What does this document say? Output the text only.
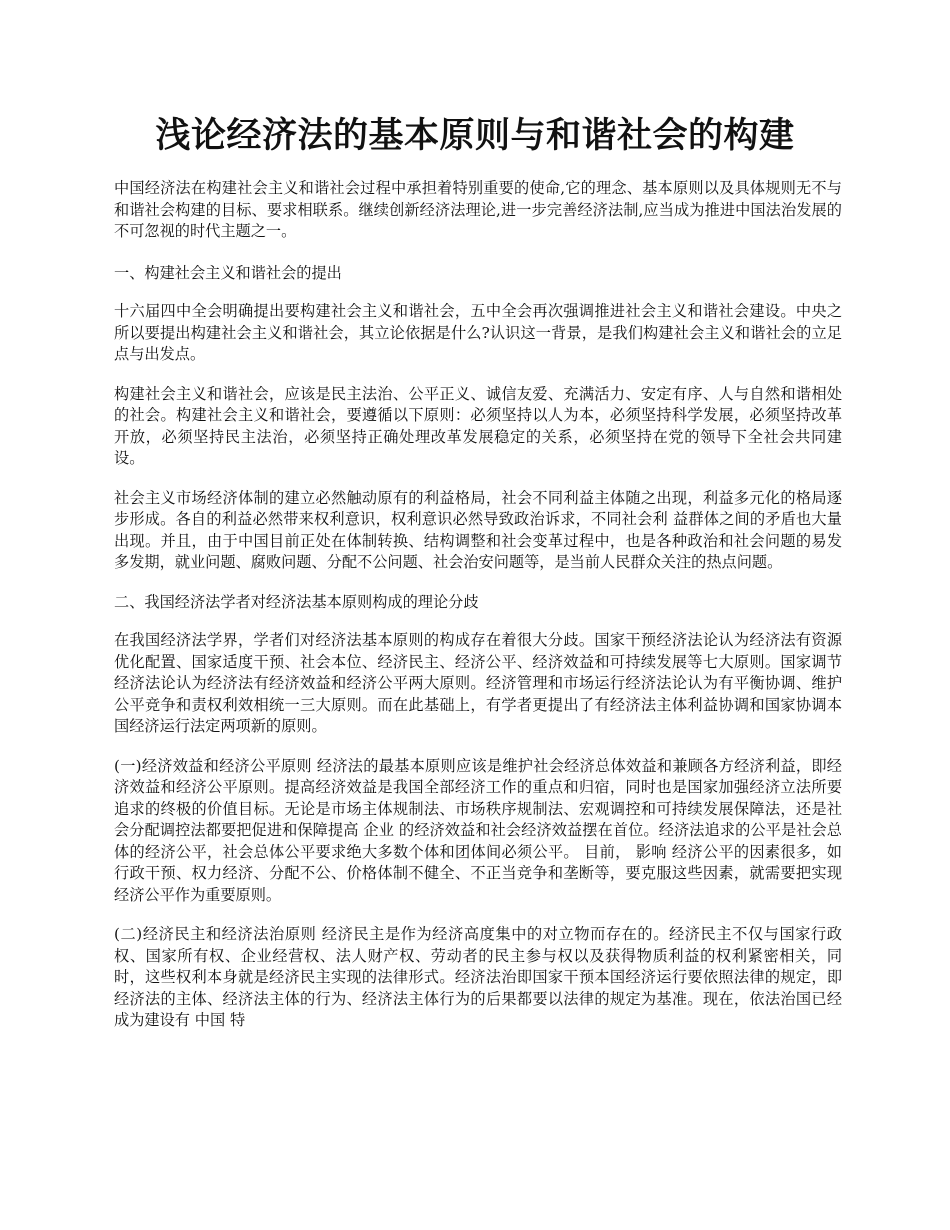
浅论经济法的基本原则与和谐社会的构建

中国经济法在构建社会主义和谐社会过程中承担着特别重要的使命,它的理念、基本原则以及具体规则无不与和谐社会构建的目标、要求相联系。继续创新经济法理论,进一步完善经济法制,应当成为推进中国法治发展的不可忽视的时代主题之一。

一、构建社会主义和谐社会的提出

十六届四中全会明确提出要构建社会主义和谐社会，五中全会再次强调推进社会主义和谐社会建设。中央之所以要提出构建社会主义和谐社会，其立论依据是什么?认识这一背景，是我们构建社会主义和谐社会的立足点与出发点。

构建社会主义和谐社会，应该是民主法治、公平正义、诚信友爱、充满活力、安定有序、人与自然和谐相处的社会。构建社会主义和谐社会，要遵循以下原则：必须坚持以人为本，必须坚持科学发展，必须坚持改革开放，必须坚持民主法治，必须坚持正确处理改革发展稳定的关系，必须坚持在党的领导下全社会共同建设。

社会主义市场经济体制的建立必然触动原有的利益格局，社会不同利益主体随之出现，利益多元化的格局逐步形成。各自的利益必然带来权利意识，权利意识必然导致政治诉求，不同社会利 益群体之间的矛盾也大量出现。并且，由于中国目前正处在体制转换、结构调整和社会变革过程中，也是各种政治和社会问题的易发多发期，就业问题、腐败问题、分配不公问题、社会治安问题等，是当前人民群众关注的热点问题。

二、我国经济法学者对经济法基本原则构成的理论分歧

在我国经济法学界，学者们对经济法基本原则的构成存在着很大分歧。国家干预经济法论认为经济法有资源优化配置、国家适度干预、社会本位、经济民主、经济公平、经济效益和可持续发展等七大原则。国家调节经济法论认为经济法有经济效益和经济公平两大原则。经济管理和市场运行经济法论认为有平衡协调、维护公平竞争和责权利效相统一三大原则。而在此基础上，有学者更提出了有经济法主体利益协调和国家协调本国经济运行法定两项新的原则。

(一)经济效益和经济公平原则 经济法的最基本原则应该是维护社会经济总体效益和兼顾各方经济利益，即经济效益和经济公平原则。提高经济效益是我国全部经济工作的重点和归宿，同时也是国家加强经济立法所要追求的终极的价值目标。无论是市场主体规制法、市场秩序规制法、宏观调控和可持续发展保障法，还是社会分配调控法都要把促进和保障提高 企业 的经济效益和社会经济效益摆在首位。经济法追求的公平是社会总体的经济公平，社会总体公平要求绝大多数个体和团体间必须公平。 目前， 影响 经济公平的因素很多，如行政干预、权力经济、分配不公、价格体制不健全、不正当竞争和垄断等，要克服这些因素，就需要把实现经济公平作为重要原则。

(二)经济民主和经济法治原则 经济民主是作为经济高度集中的对立物而存在的。经济民主不仅与国家行政权、国家所有权、企业经营权、法人财产权、劳动者的民主参与权以及获得物质利益的权利紧密相关，同时，这些权利本身就是经济民主实现的法律形式。经济法治即国家干预本国经济运行要依照法律的规定，即经济法的主体、经济法主体的行为、经济法主体行为的后果都要以法律的规定为基准。现在，依法治国已经成为建设有 中国 特
